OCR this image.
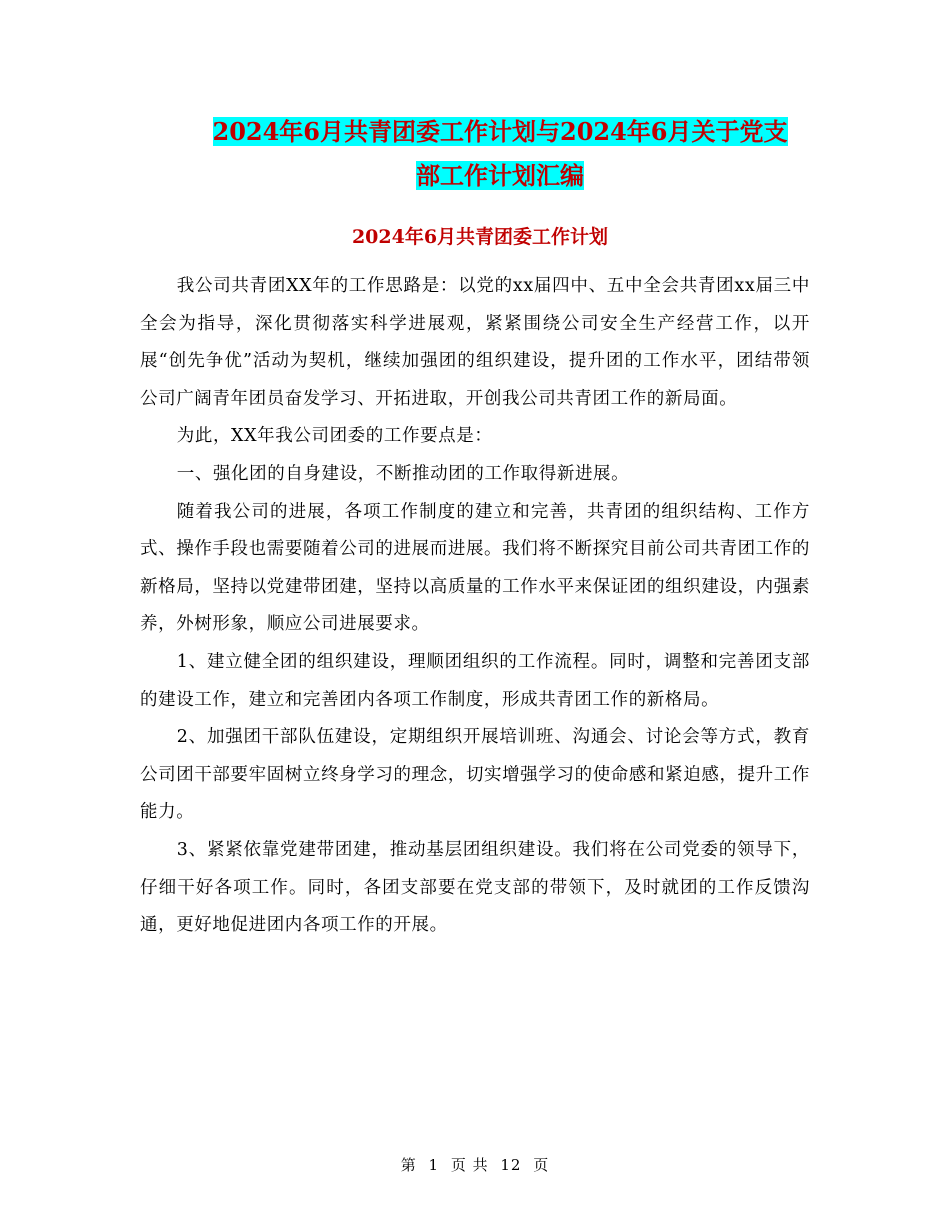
2024年6月共青团委工作计划与2024年6月关于党支
部工作计划汇编
2024年6月共青团委工作计划

我公司共青团XX年的工作思路是：以党的xx届四中、五中全会共青团xx届三中全会为指导，深化贯彻落实科学进展观，紧紧围绕公司安全生产经营工作，以开展“创先争优”活动为契机，继续加强团的组织建设，提升团的工作水平，团结带领公司广阔青年团员奋发学习、开拓进取，开创我公司共青团工作的新局面。

为此，XX年我公司团委的工作要点是：

一、强化团的自身建设，不断推动团的工作取得新进展。

随着我公司的进展，各项工作制度的建立和完善，共青团的组织结构、工作方式、操作手段也需要随着公司的进展而进展。我们将不断探究目前公司共青团工作的新格局，坚持以党建带团建，坚持以高质量的工作水平来保证团的组织建设，内强素养，外树形象，顺应公司进展要求。

1、建立健全团的组织建设，理顺团组织的工作流程。同时，调整和完善团支部的建设工作，建立和完善团内各项工作制度，形成共青团工作的新格局。

2、加强团干部队伍建设，定期组织开展培训班、沟通会、讨论会等方式，教育公司团干部要牢固树立终身学习的理念，切实增强学习的使命感和紧迫感，提升工作能力。

3、紧紧依靠党建带团建，推动基层团组织建设。我们将在公司党委的领导下，仔细干好各项工作。同时，各团支部要在党支部的带领下，及时就团的工作反馈沟通，更好地促进团内各项工作的开展。

第 1 页 共 12 页
